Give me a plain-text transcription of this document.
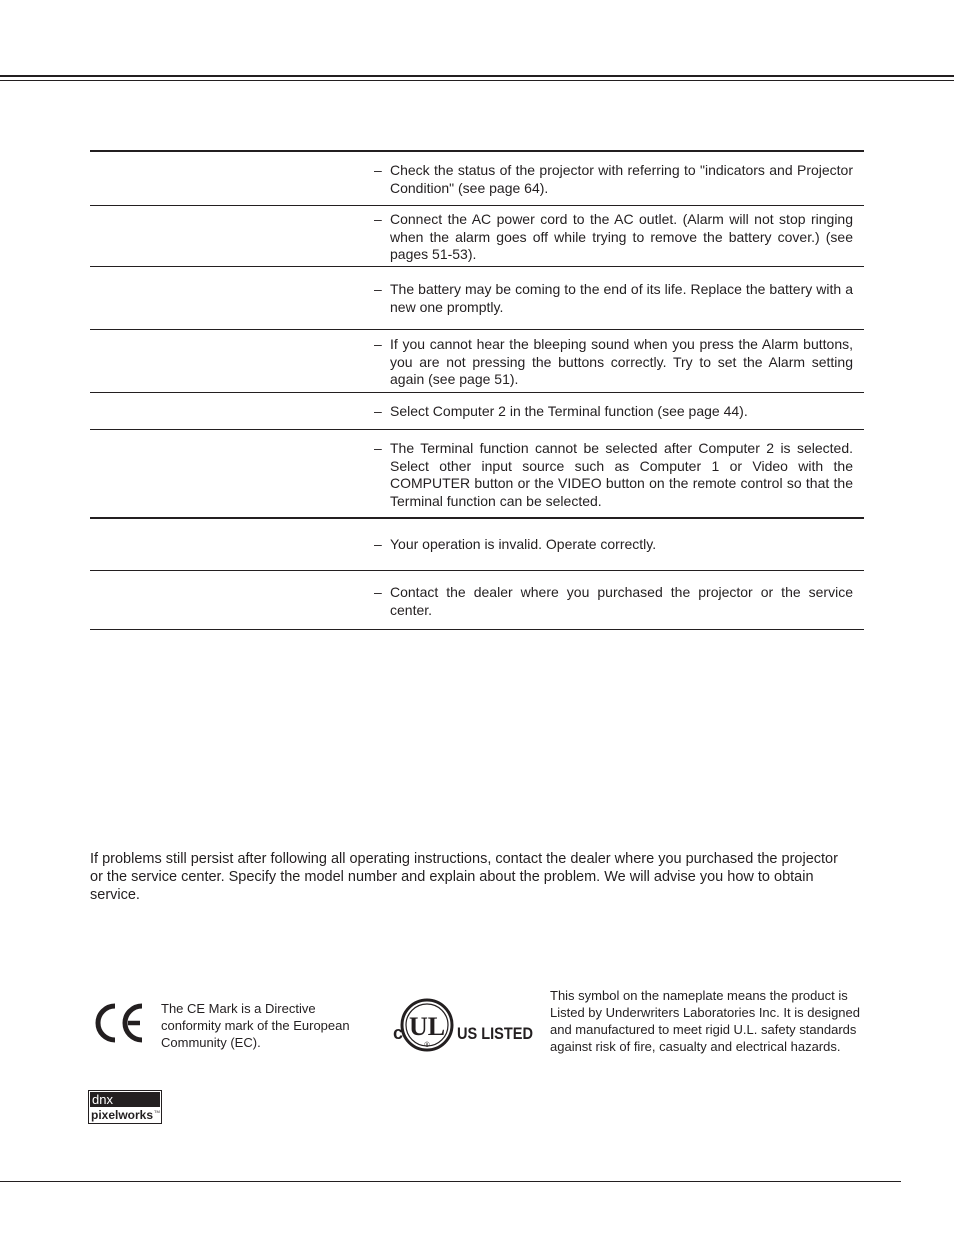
– Check the status of the projector with referring to "indicators and Projector Condition" (see page 64).

– Connect the AC power cord to the AC outlet. (Alarm will not stop ringing when the alarm goes off while trying to remove the battery cover.) (see pages 51-53).

– The battery may be coming to the end of its life. Replace the battery with a new one promptly.

– If you cannot hear the bleeping sound when you press the Alarm buttons, you are not pressing the buttons correctly. Try to set the Alarm setting again (see page 51).

– Select Computer 2 in the Terminal function (see page 44).

– The Terminal function cannot be selected after Computer 2 is selected. Select other input source such as Computer 1 or Video with the COMPUTER button or the VIDEO button on the remote control so that the Terminal function can be selected.

– Your operation is invalid. Operate correctly.

– Contact the dealer where you purchased the projector or the service center.

If problems still persist after following all operating instructions, contact the dealer where you purchased the projector or the service center. Specify the model number and explain about the problem. We will advise you how to obtain service.

The CE Mark is a Directive conformity mark of the European Community (EC).	c UL
®
US LISTED

This symbol on the nameplate means the product is Listed by Underwriters Laboratories Inc. It is designed and manufactured to meet rigid U.L. safety standards against risk of fire, casualty and electrical hazards.

dnx
pixelworks TM
